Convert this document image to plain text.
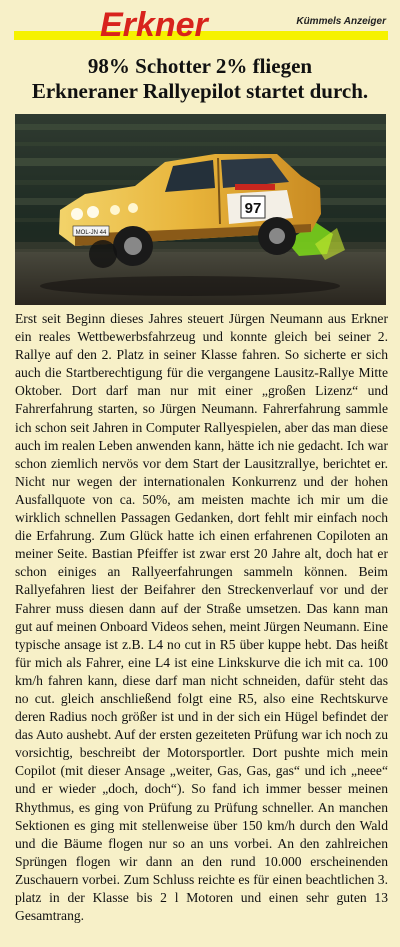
Erkner	Kümmels Anzeiger
98% Schotter 2% fliegen
Erkneraner Rallyepilot startet durch.
97
MOL-JN 44
Erst seit Beginn dieses Jahres steuert Jürgen Neumann aus Erkner ein reales Wettbewerbsfahrzeug und konnte gleich bei seiner 2. Rallye auf den 2. Platz in seiner Klasse fahren. So sicherte er sich auch die Startberechtigung für die vergangene Lausitz-Rallye Mitte Oktober. Dort darf man nur mit einer „großen Lizenz“ und Fahrerfahrung starten, so Jürgen Neumann. Fahrerfahrung sammle ich schon seit Jahren in Computer Rallyespielen, aber das man diese auch im realen Leben anwenden kann, hätte ich nie gedacht. Ich war schon ziemlich nervös vor dem Start der Lausitzrallye, berichtet er. Nicht nur wegen der internationalen Konkurrenz und der hohen Ausfallquote von ca. 50%, am meisten machte ich mir um die wirklich schnellen Passagen Gedanken, dort fehlt mir einfach noch die Erfahrung. Zum Glück hatte ich einen erfahrenen Copiloten an meiner Seite. Bastian Pfeiffer ist zwar erst 20 Jahre alt, doch hat er schon einiges an Rallyeerfahrungen sammeln können. Beim Rallyefahren liest der Beifahrer den Streckenverlauf vor und der Fahrer muss diesen dann auf der Straße umsetzen. Das kann man gut auf meinen Onboard Videos sehen, meint Jürgen Neumann. Eine typische ansage ist z.B. L4 no cut in R5 über kuppe hebt. Das heißt für mich als Fahrer, eine L4 ist eine Linkskurve die ich mit ca. 100 km/h fahren kann, diese darf man nicht schneiden, dafür steht das no cut. gleich anschließend folgt eine R5, also eine Rechtskurve deren Radius noch größer ist und in der sich ein Hügel befindet der das Auto aushebt. Auf der ersten gezeiteten Prüfung war ich noch zu vorsichtig, beschreibt der Motorsportler. Dort pushte mich mein Copilot (mit dieser Ansage „weiter, Gas, Gas, gas“ und ich „neee“ und er wieder „doch, doch“). So fand ich immer besser meinen Rhythmus, es ging von Prüfung zu Prüfung schneller. An manchen Sektionen es ging mit stellenweise über 150 km/h durch den Wald und die Bäume flogen nur so an uns vorbei. An den zahlreichen Sprüngen flogen wir dann an den rund 10.000 erscheinenden Zuschauern vorbei. Zum Schluss reichte es für einen beachtlichen 3. platz in der Klasse bis 2 l Motoren und einen sehr guten 13 Gesamtrang.
